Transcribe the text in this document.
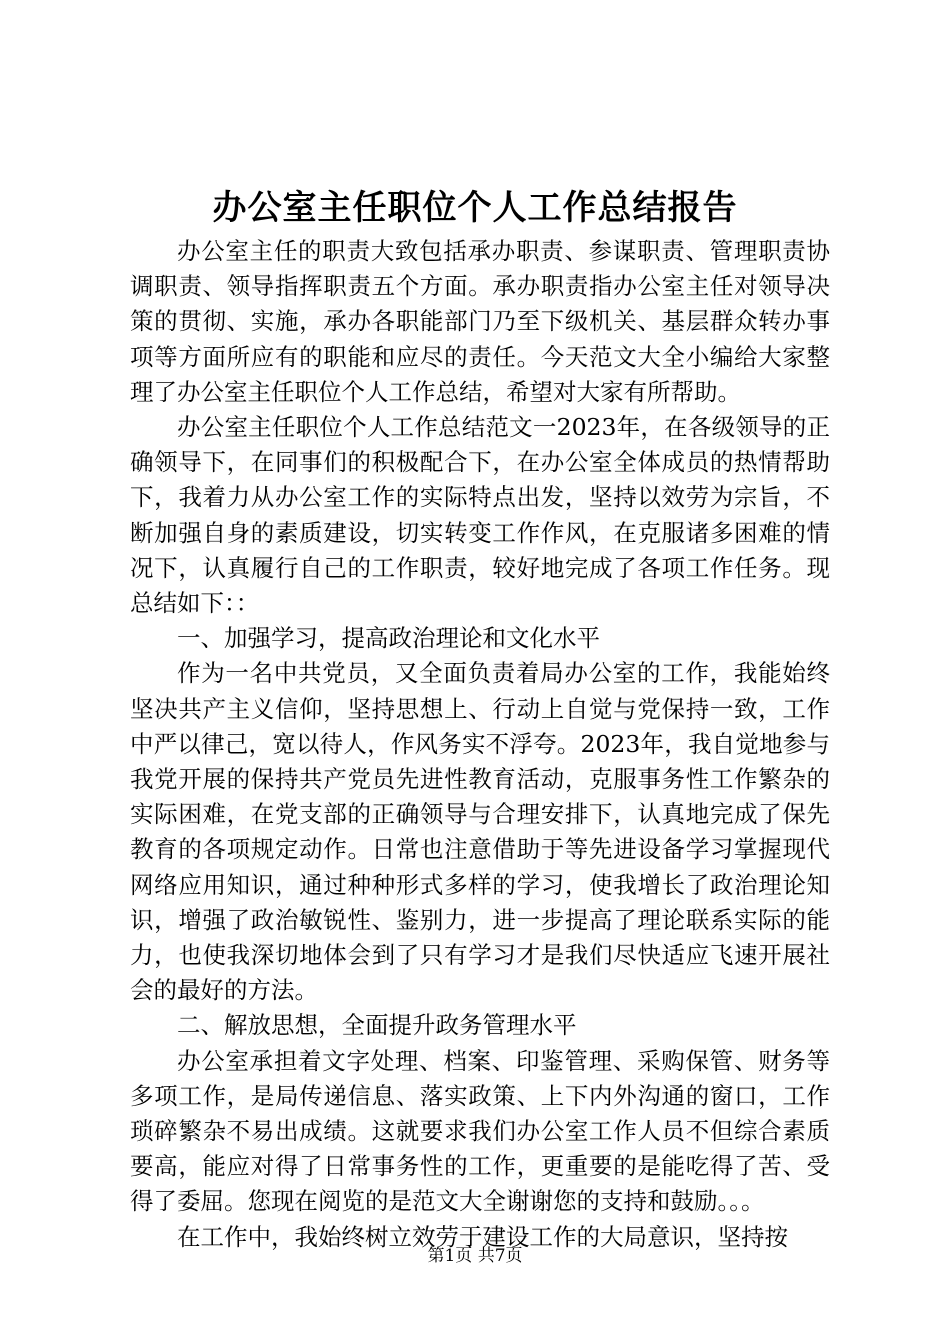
办公室主任职位个人工作总结报告

办公室主任的职责大致包括承办职责、参谋职责、管理职责协调职责、领导指挥职责五个方面。承办职责指办公室主任对领导决策的贯彻、实施，承办各职能部门乃至下级机关、基层群众转办事项等方面所应有的职能和应尽的责任。今天范文大全小编给大家整理了办公室主任职位个人工作总结，希望对大家有所帮助。

办公室主任职位个人工作总结范文一2023年，在各级领导的正确领导下，在同事们的积极配合下，在办公室全体成员的热情帮助下，我着力从办公室工作的实际特点出发，坚持以效劳为宗旨，不断加强自身的素质建设，切实转变工作作风，在克服诸多困难的情况下，认真履行自己的工作职责，较好地完成了各项工作任务。现总结如下：：

一、加强学习，提高政治理论和文化水平

作为一名中共党员，又全面负责着局办公室的工作，我能始终坚决共产主义信仰，坚持思想上、行动上自觉与党保持一致，工作中严以律己，宽以待人，作风务实不浮夸。2023年，我自觉地参与我党开展的保持共产党员先进性教育活动，克服事务性工作繁杂的实际困难，在党支部的正确领导与合理安排下，认真地完成了保先教育的各项规定动作。日常也注意借助于等先进设备学习掌握现代网络应用知识，通过种种形式多样的学习，使我增长了政治理论知识，增强了政治敏锐性、鉴别力，进一步提高了理论联系实际的能力，也使我深切地体会到了只有学习才是我们尽快适应飞速开展社会的最好的方法。

二、解放思想，全面提升政务管理水平

办公室承担着文字处理、档案、印鉴管理、采购保管、财务等多项工作，是局传递信息、落实政策、上下内外沟通的窗口，工作琐碎繁杂不易出成绩。这就要求我们办公室工作人员不但综合素质要高，能应对得了日常事务性的工作，更重要的是能吃得了苦、受得了委屈。您现在阅览的是范文大全谢谢您的支持和鼓励。。。

在工作中，我始终树立效劳于建设工作的大局意识，坚持按

第1页 共7页
